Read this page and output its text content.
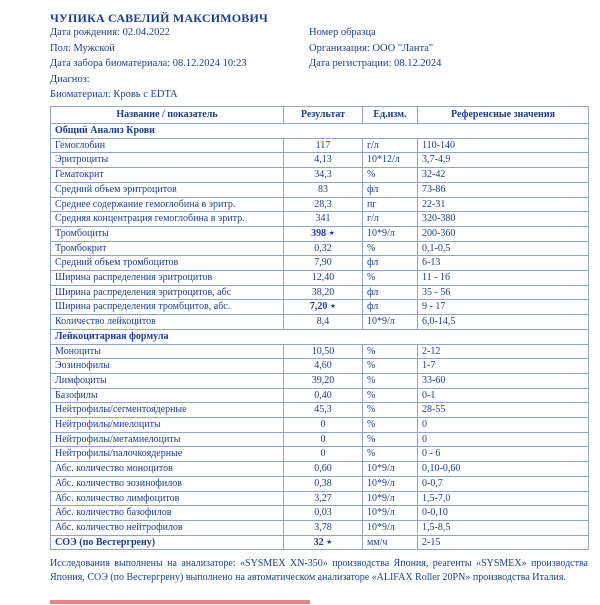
ЧУПИКА САВЕЛИЙ МАКСИМОВИЧ
Дата рождения: 02.04.2022
Пол: Мужской
Дата забора биоматериала: 08.12.2024 10:23
Диагноз:
Биоматериал: Кровь с EDTA
Номер образца
Организация: ООО "Ланта"
Дата регистрации: 08.12.2024
Название / показатель	Результат	Ед.изм.	Референсные значения
Общий Анализ Крови			
Гемоглобин	117	г/л	110-140
Эритроциты	4,13	10*12/л	3,7-4,9
Гематокрит	34,3	%	32-42
Средний объем эритроцитов	83	фл	73-86
Среднее содержание гемоглобина в эритр.	28,3	пг	22-31
Средняя концентрация гемоглобина в эритр.	341	г/л	320-380
Тромбоциты	398 ⋆	10*9/л	200-360
Тромбокрит	0,32	%	0,1-0,5
Средний объем тромбоцитов	7,90	фл	6-13
Ширина распределения эритроцитов	12,40	%	11 - 16
Ширина распределения эритроцитов, абс	38,20	фл	35 - 56
Ширина распределения тромбцитов, абс.	7,20 ⋆	фл	9 - 17
Количество лейкоцитов	8,4	10*9/л	6,0-14,5
Лейкоцитарная формула			
Моноциты	10,50	%	2-12
Эозинофилы	4,60	%	1-7
Лимфоциты	39,20	%	33-60
Базофилы	0,40	%	0-1
Нейтрофилы/сегментоядерные	45,3	%	28-55
Нейтрофилы/миелоциты	0	%	0
Нейтрофилы/метамиелоциты	0	%	0
Нейтрофилы/палочкоядерные	0	%	0 - 6
Абс. количество моноцитов	0,60	10*9/л	0,10-0,60
Абс. количество эозинофилов	0,38	10*9/л	0-0,7
Абс. количество лимфоцитов	3,27	10*9/л	1,5-7,0
Абс. количество базофилов	0,03	10*9/л	0-0,10
Абс. количество нейтрофилов	3,78	10*9/л	1,5-8,5
СОЭ (по Вестергрену)	32 ⋆	мм/ч	2-15
Исследования выполнены на анализаторе: «SYSMEX XN-350» производства Япония, реагенты «SYSMEX» производства Япония, СОЭ (по Вестергрену) выполнено на автоматическом анализаторе «ALIFAX Roller 20PN» производства Италия.
